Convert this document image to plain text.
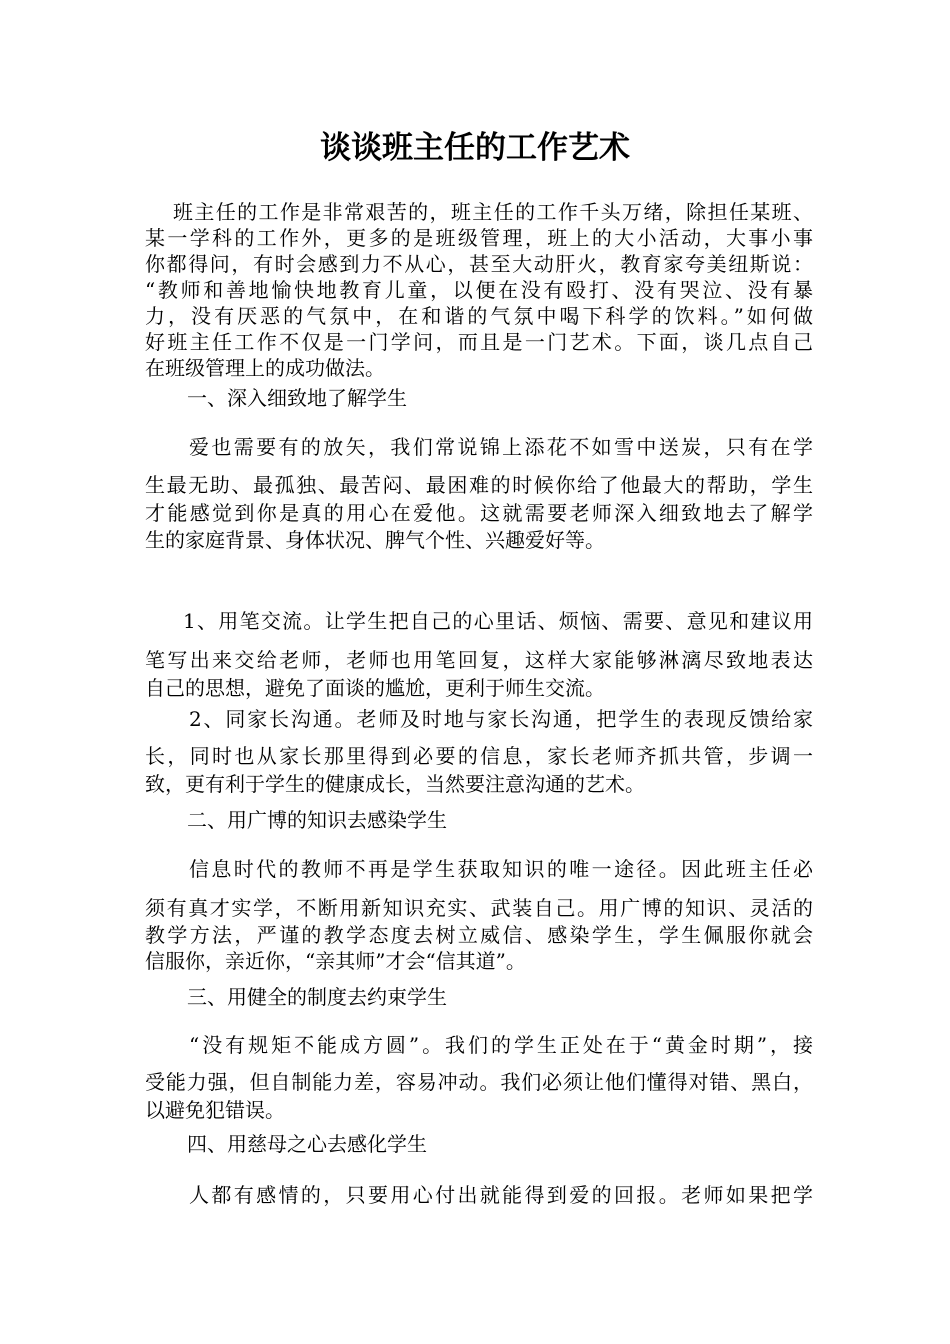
谈谈班主任的工作艺术
班主任的工作是非常艰苦的，班主任的工作千头万绪，除担任某班、
某一学科的工作外，更多的是班级管理，班上的大小活动，大事小事
你都得问，有时会感到力不从心，甚至大动肝火，教育家夸美纽斯说：
“教师和善地愉快地教育儿童，以便在没有殴打、没有哭泣、没有暴
力，没有厌恶的气氛中，在和谐的气氛中喝下科学的饮料。”如何做
好班主任工作不仅是一门学问，而且是一门艺术。下面，谈几点自己
在班级管理上的成功做法。
一、深入细致地了解学生
爱也需要有的放矢，我们常说锦上添花不如雪中送炭，只有在学
生最无助、最孤独、最苦闷、最困难的时候你给了他最大的帮助，学生
才能感觉到你是真的用心在爱他。这就需要老师深入细致地去了解学
生的家庭背景、身体状况、脾气个性、兴趣爱好等。
1、用笔交流。让学生把自己的心里话、烦恼、需要、意见和建议用
笔写出来交给老师，老师也用笔回复，这样大家能够淋漓尽致地表达
自己的思想，避免了面谈的尴尬，更利于师生交流。
2、同家长沟通。老师及时地与家长沟通，把学生的表现反馈给家
长，同时也从家长那里得到必要的信息，家长老师齐抓共管，步调一
致，更有利于学生的健康成长，当然要注意沟通的艺术。
二、用广博的知识去感染学生
信息时代的教师不再是学生获取知识的唯一途径。因此班主任必
须有真才实学，不断用新知识充实、武装自己。用广博的知识、灵活的
教学方法，严谨的教学态度去树立威信、感染学生，学生佩服你就会
信服你，亲近你，“亲其师”才会“信其道”。
三、用健全的制度去约束学生
“没有规矩不能成方圆”。我们的学生正处在于“黄金时期”，接
受能力强，但自制能力差，容易冲动。我们必须让他们懂得对错、黑白，
以避免犯错误。
四、用慈母之心去感化学生
人都有感情的，只要用心付出就能得到爱的回报。老师如果把学
